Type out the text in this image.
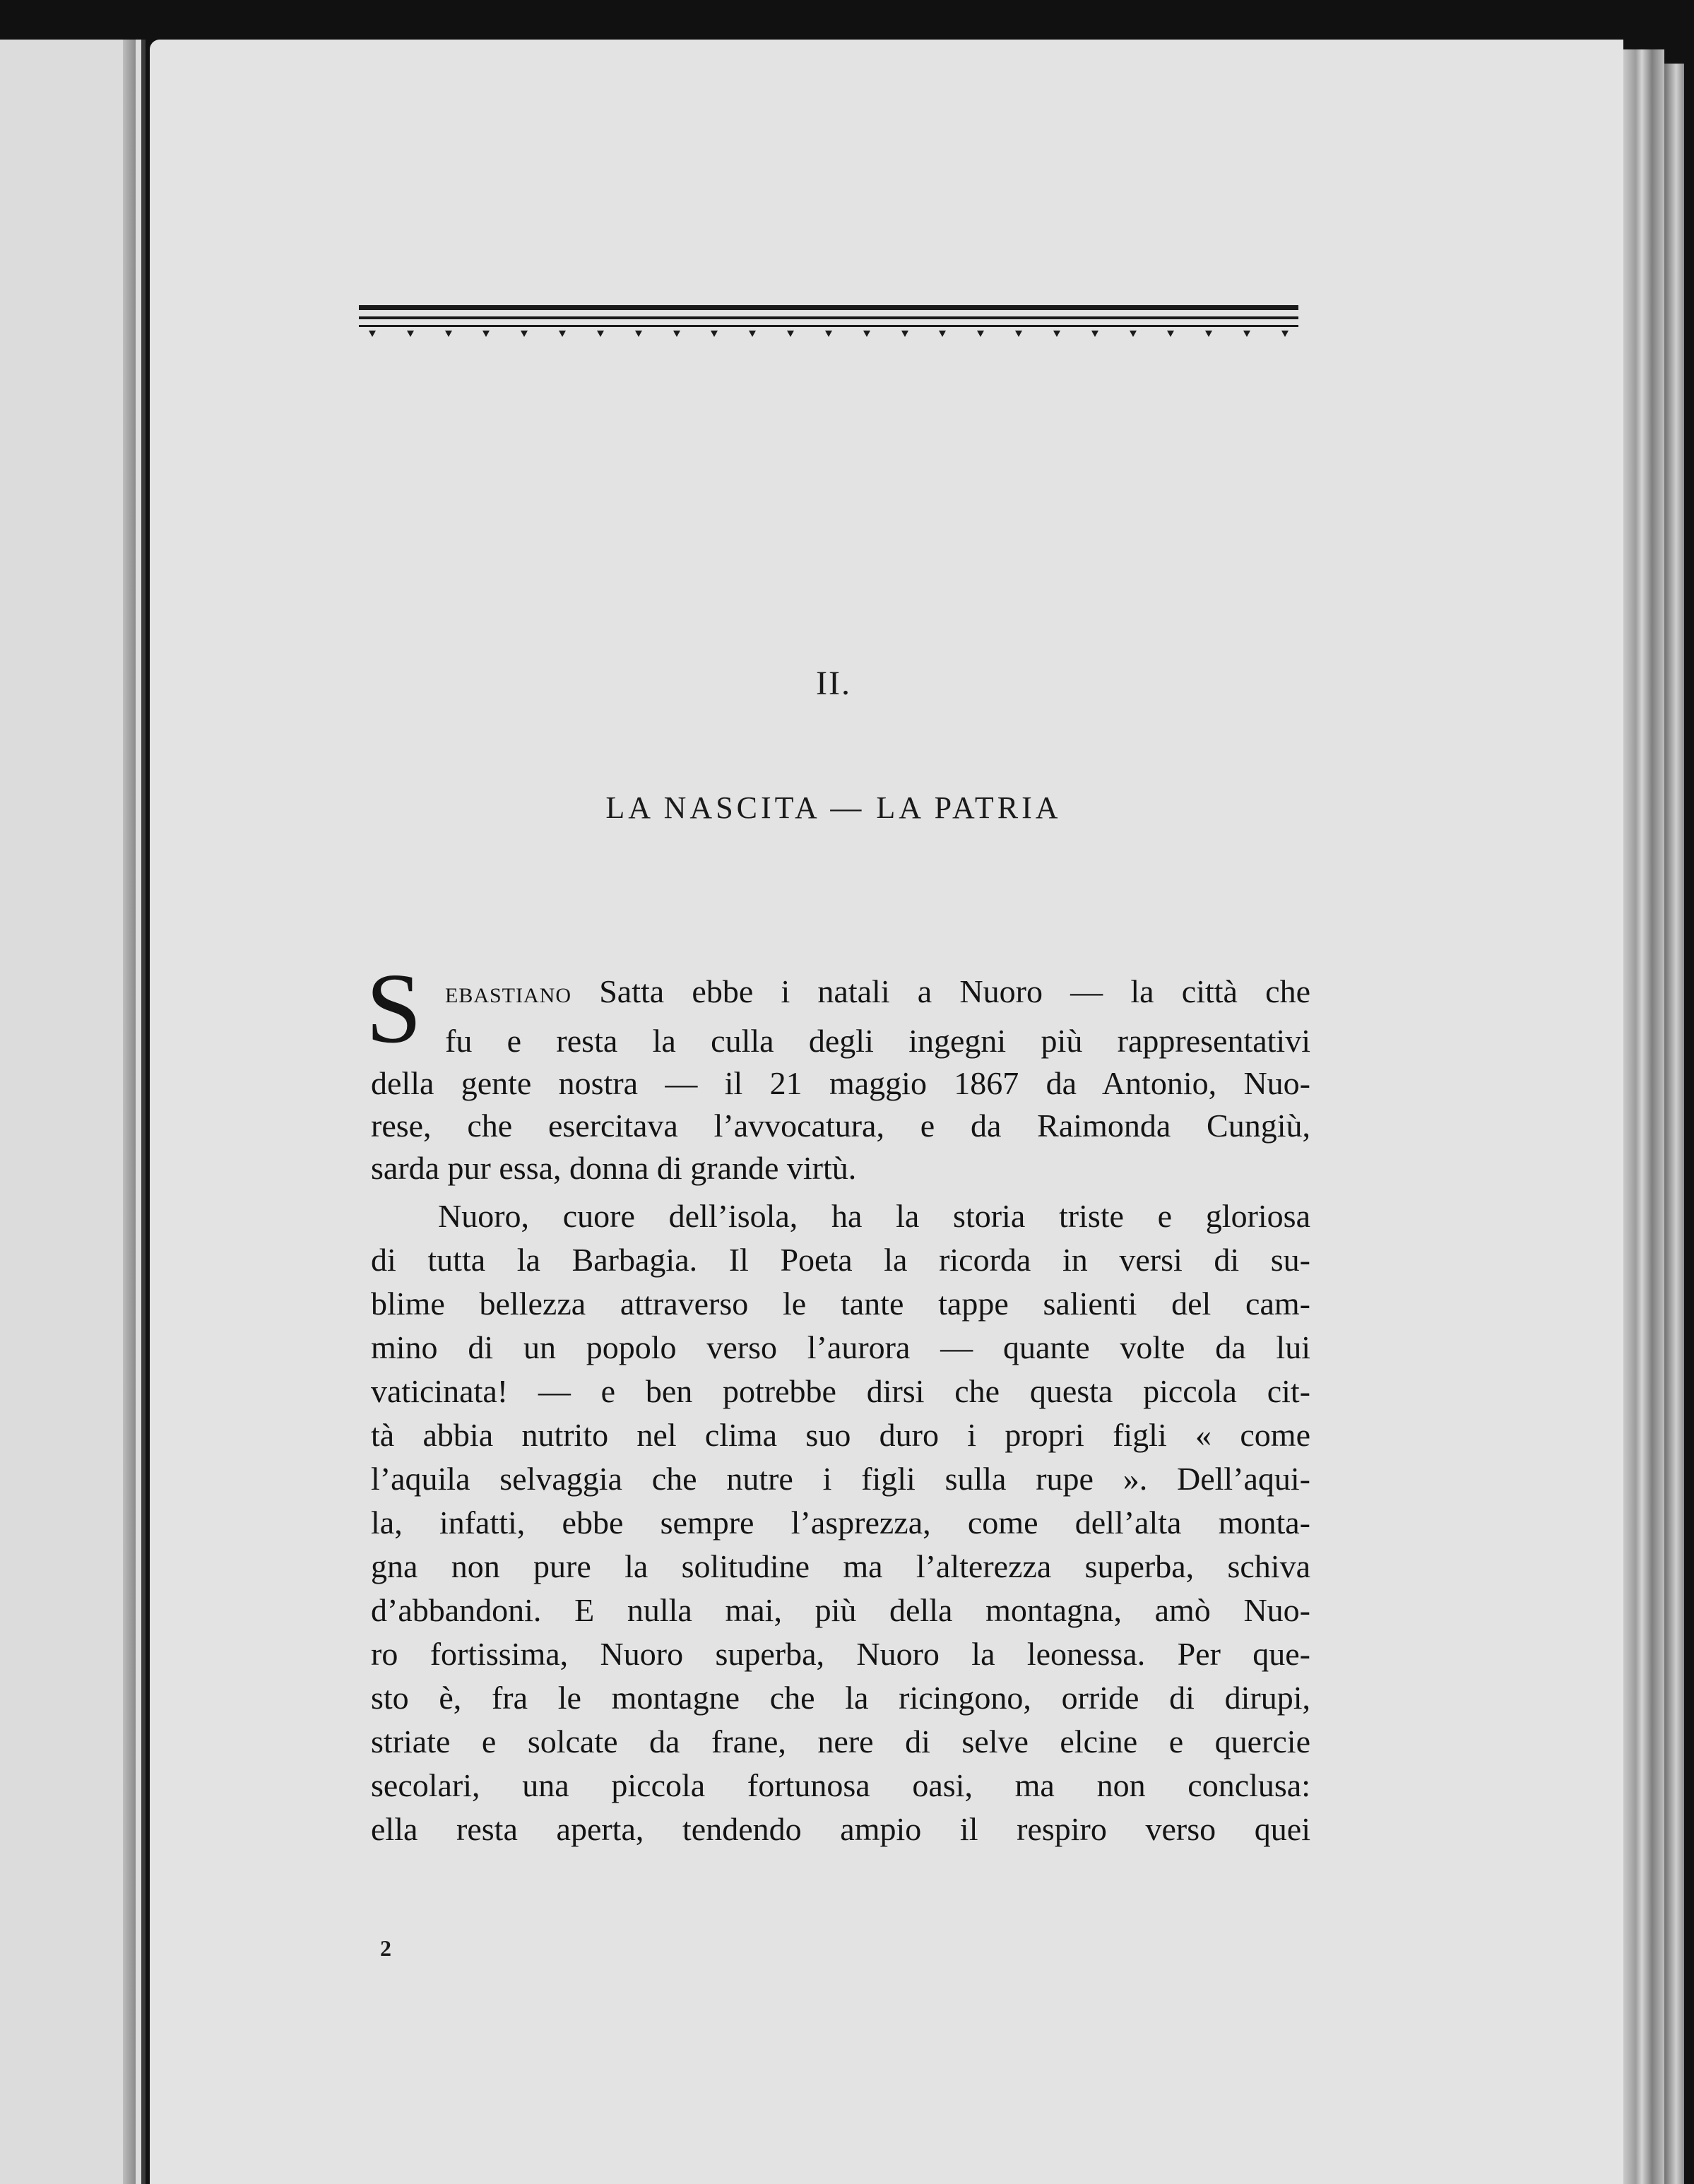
II.
LA NASCITA — LA PATRIA
S EBASTIANO Satta ebbe i natali a Nuoro — la città che
fu e resta la culla degli ingegni più rappresentativi
della gente nostra — il 21 maggio 1867 da Antonio, Nuo-
rese, che esercitava l’avvocatura, e da Raimonda Cungiù,
sarda pur essa, donna di grande virtù.
Nuoro, cuore dell’isola, ha la storia triste e gloriosa
di tutta la Barbagia. Il Poeta la ricorda in versi di su-
blime bellezza attraverso le tante tappe salienti del cam-
mino di un popolo verso l’aurora — quante volte da lui
vaticinata! — e ben potrebbe dirsi che questa piccola cit-
tà abbia nutrito nel clima suo duro i propri figli « come
l’aquila selvaggia che nutre i figli sulla rupe ». Dell’aqui-
la, infatti, ebbe sempre l’asprezza, come dell’alta monta-
gna non pure la solitudine ma l’alterezza superba, schiva
d’abbandoni. E nulla mai, più della montagna, amò Nuo-
ro fortissima, Nuoro superba, Nuoro la leonessa. Per que-
sto è, fra le montagne che la ricingono, orride di dirupi,
striate e solcate da frane, nere di selve elcine e quercie
secolari, una piccola fortunosa oasi, ma non conclusa:
ella resta aperta, tendendo ampio il respiro verso quei
2
